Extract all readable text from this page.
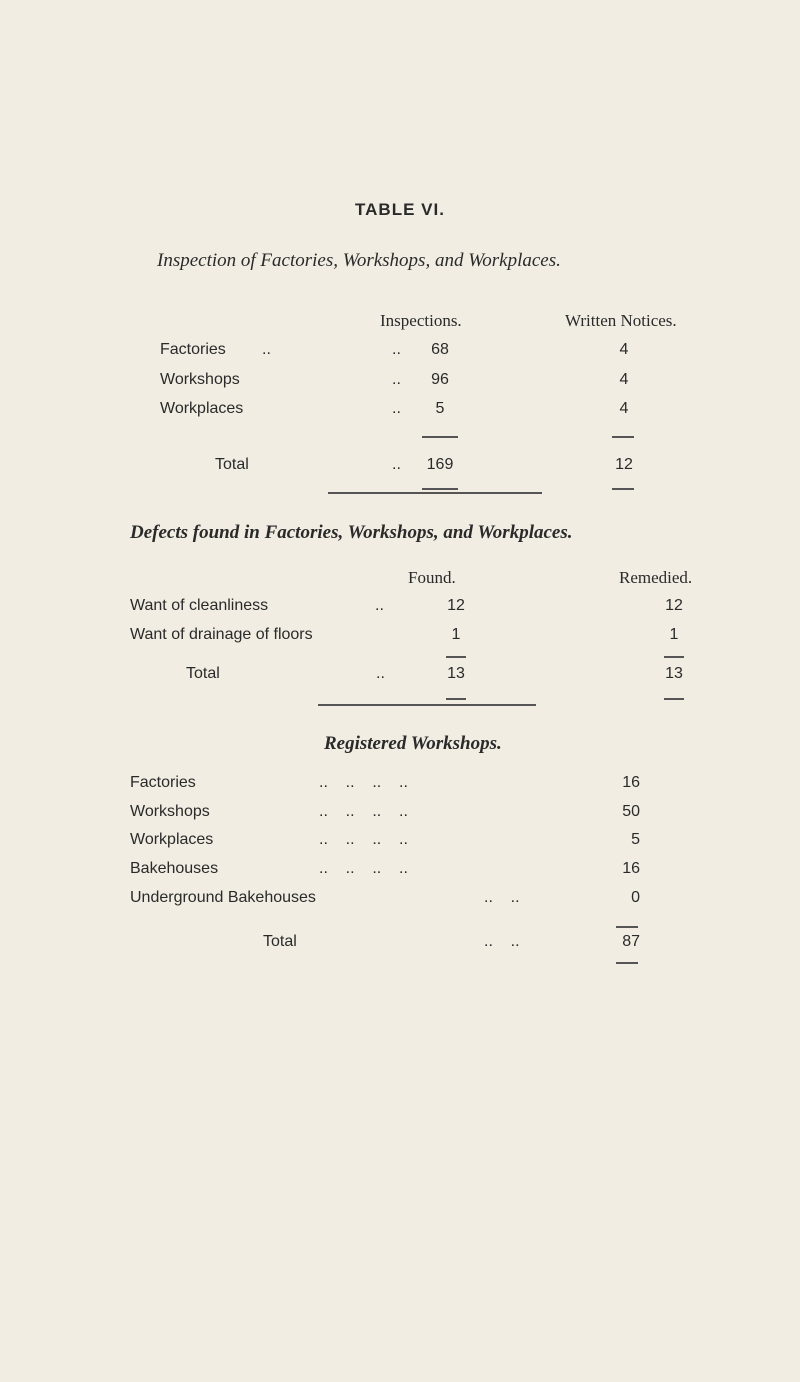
TABLE VI.
Inspection of Factories, Workshops, and Workplaces.
Inspections.	Written Notices.
Factories ..	..	68	4
Workshops	..	96	4
Workplaces	..	5	4
Total	..	169	12
Defects found in Factories, Workshops, and Workplaces.
Found.	Remedied.
Want of cleanliness	..	12	12
Want of drainage of floors	1	1
Total	..	13	13
Registered Workshops.
Factories	..    ..    ..    ..	16
Workshops	..    ..    ..    ..	50
Workplaces	..    ..    ..    ..	5
Bakehouses	..    ..    ..    ..	16
Underground Bakehouses	..    ..	0
Total	..    ..	87
